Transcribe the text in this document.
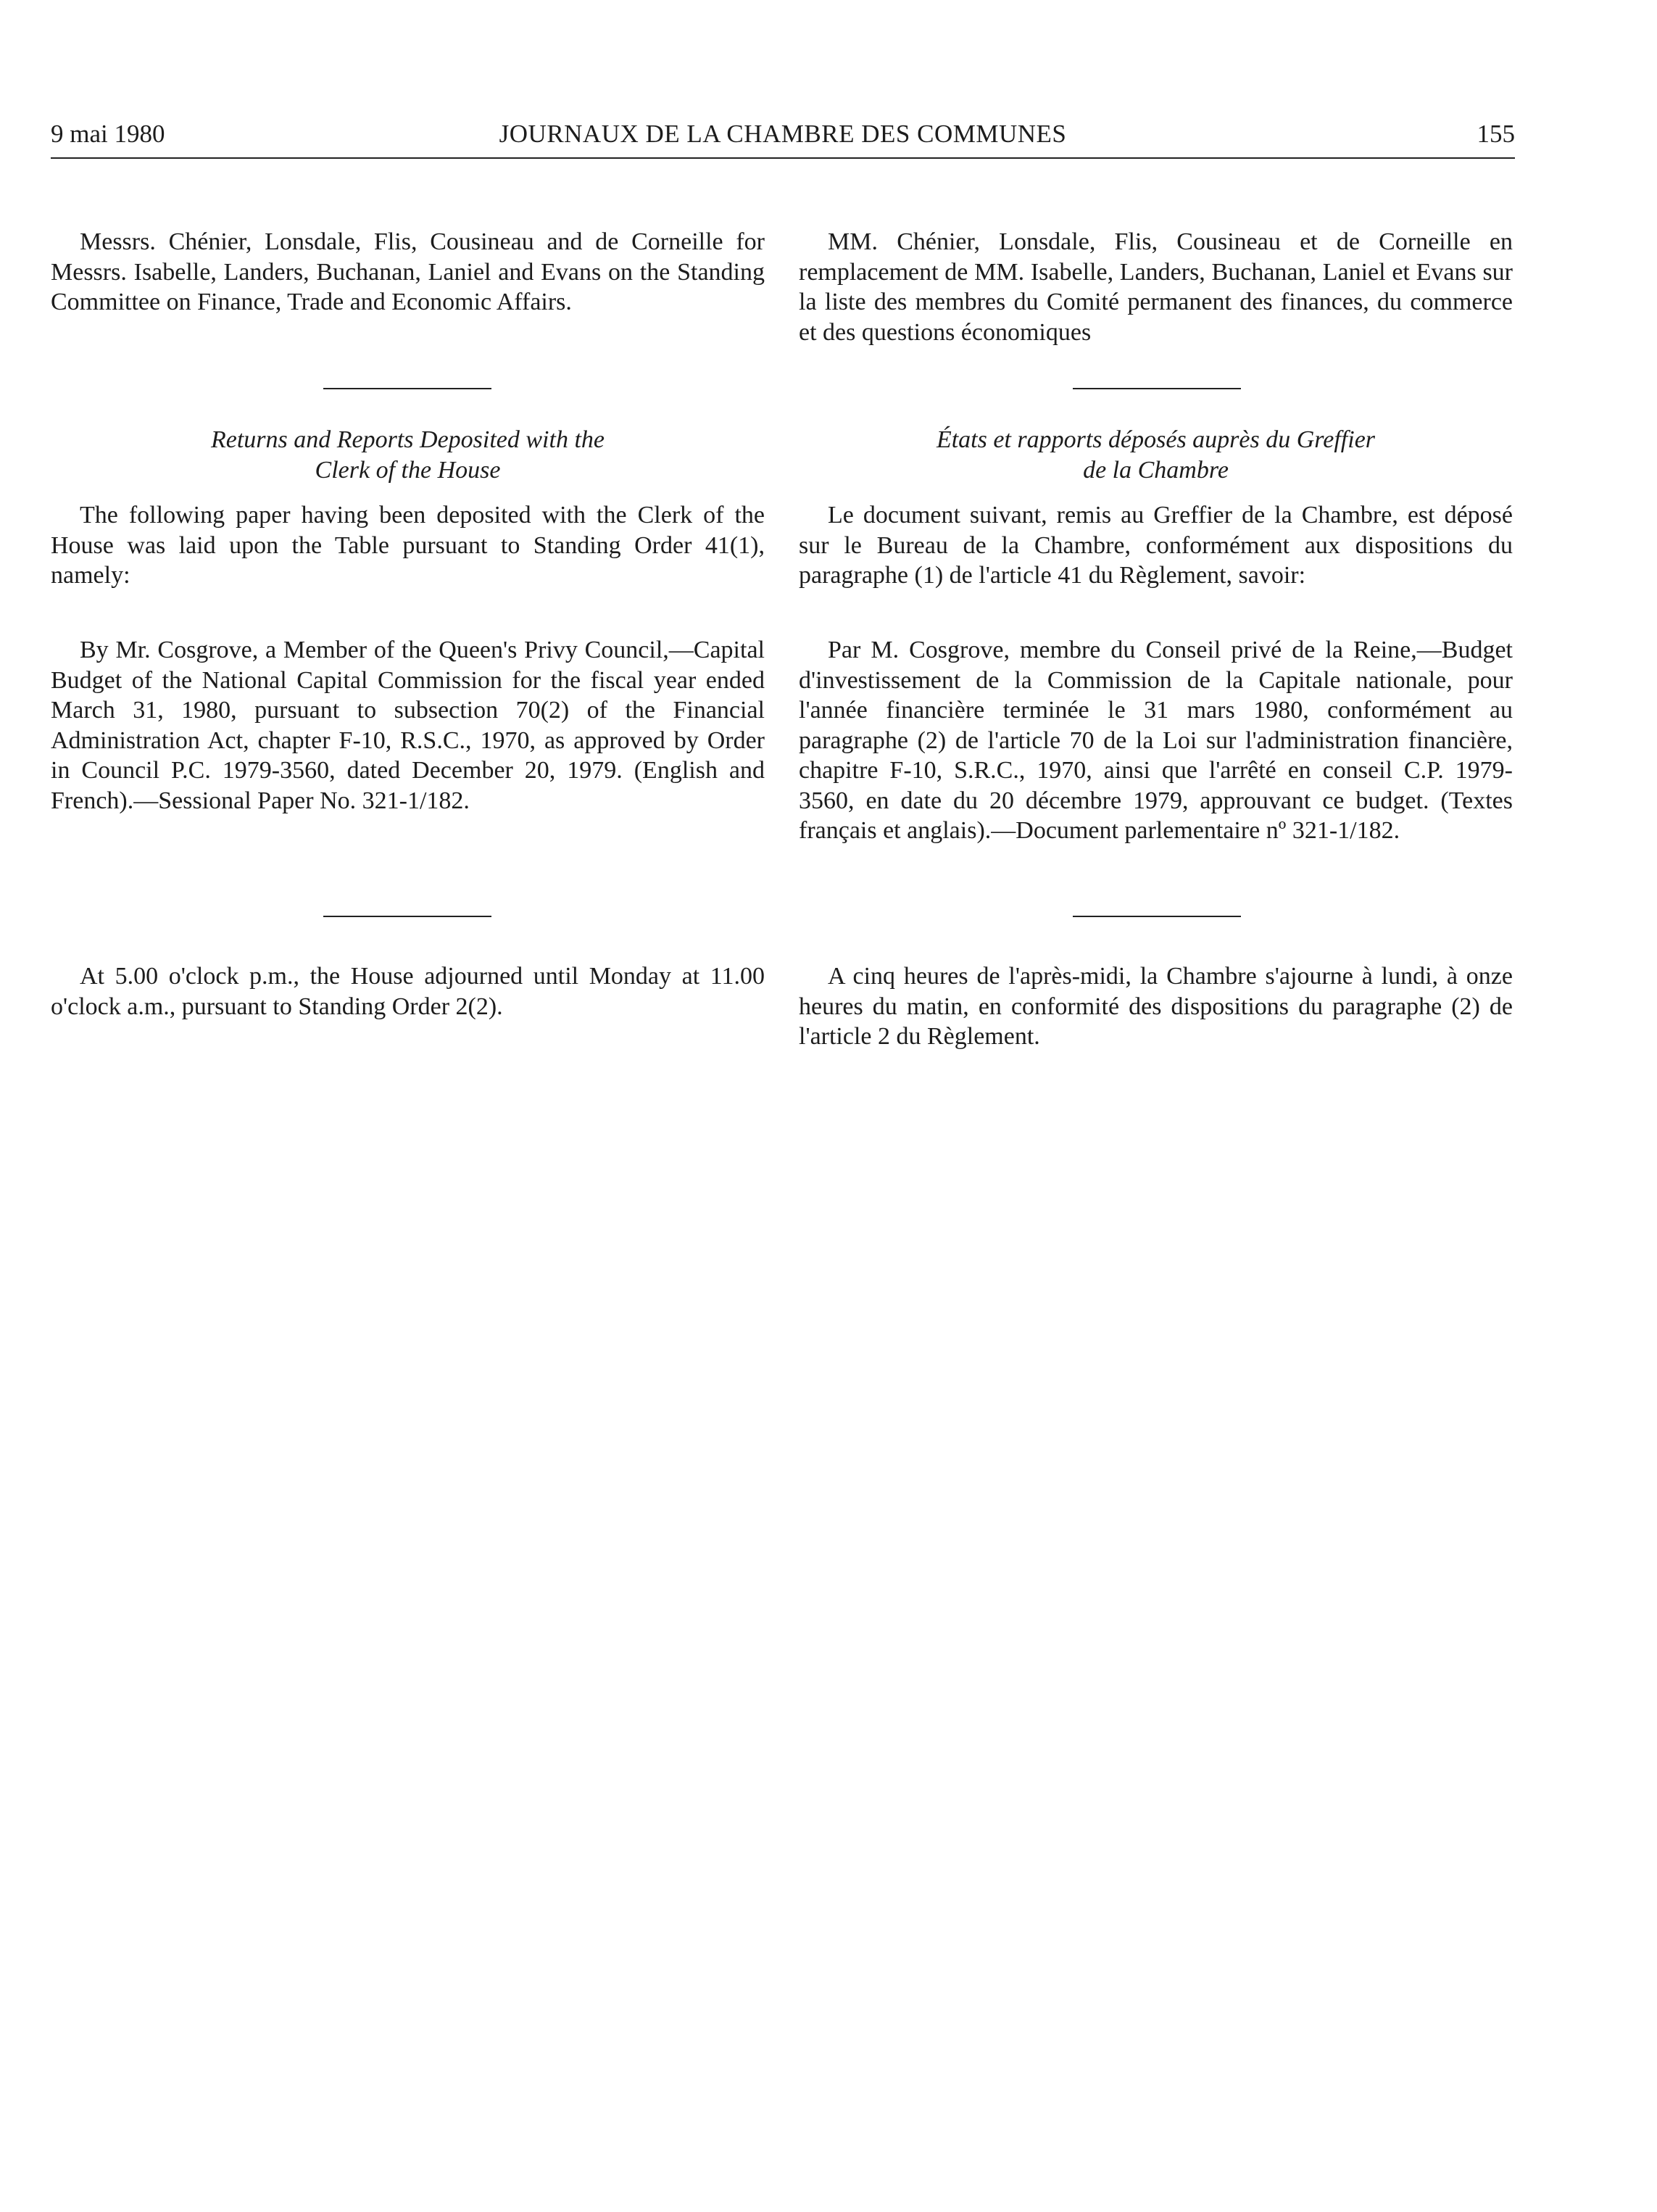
9 mai 1980	JOURNAUX DE LA CHAMBRE DES COMMUNES	155

Messrs. Chénier, Lonsdale, Flis, Cousineau and de Corneille for Messrs. Isabelle, Landers, Buchanan, Laniel and Evans on the Standing Committee on Finance, Trade and Economic Affairs.

Returns and Reports Deposited with the
Clerk of the House

The following paper having been deposited with the Clerk of the House was laid upon the Table pursuant to Standing Order 41(1), namely:

By Mr. Cosgrove, a Member of the Queen's Privy Council,—Capital Budget of the National Capital Commission for the fiscal year ended March 31, 1980, pursuant to subsection 70(2) of the Financial Administration Act, chapter F-10, R.S.C., 1970, as approved by Order in Council P.C. 1979-3560, dated December 20, 1979. (English and French).—Sessional Paper No. 321-1/182.

At 5.00 o'clock p.m., the House adjourned until Monday at 11.00 o'clock a.m., pursuant to Standing Order 2(2).

MM. Chénier, Lonsdale, Flis, Cousineau et de Corneille en remplacement de MM. Isabelle, Landers, Buchanan, Laniel et Evans sur la liste des membres du Comité permanent des finances, du commerce et des questions économiques

États et rapports déposés auprès du Greffier
de la Chambre

Le document suivant, remis au Greffier de la Chambre, est déposé sur le Bureau de la Chambre, conformément aux dispositions du paragraphe (1) de l'article 41 du Règlement, savoir:

Par M. Cosgrove, membre du Conseil privé de la Reine,—Budget d'investissement de la Commission de la Capitale nationale, pour l'année financière terminée le 31 mars 1980, conformément au paragraphe (2) de l'article 70 de la Loi sur l'administration financière, chapitre F-10, S.R.C., 1970, ainsi que l'arrêté en conseil C.P. 1979-3560, en date du 20 décembre 1979, approuvant ce budget. (Textes français et anglais).—Document parlementaire nº 321-1/182.

A cinq heures de l'après-midi, la Chambre s'ajourne à lundi, à onze heures du matin, en conformité des dispositions du paragraphe (2) de l'article 2 du Règlement.
